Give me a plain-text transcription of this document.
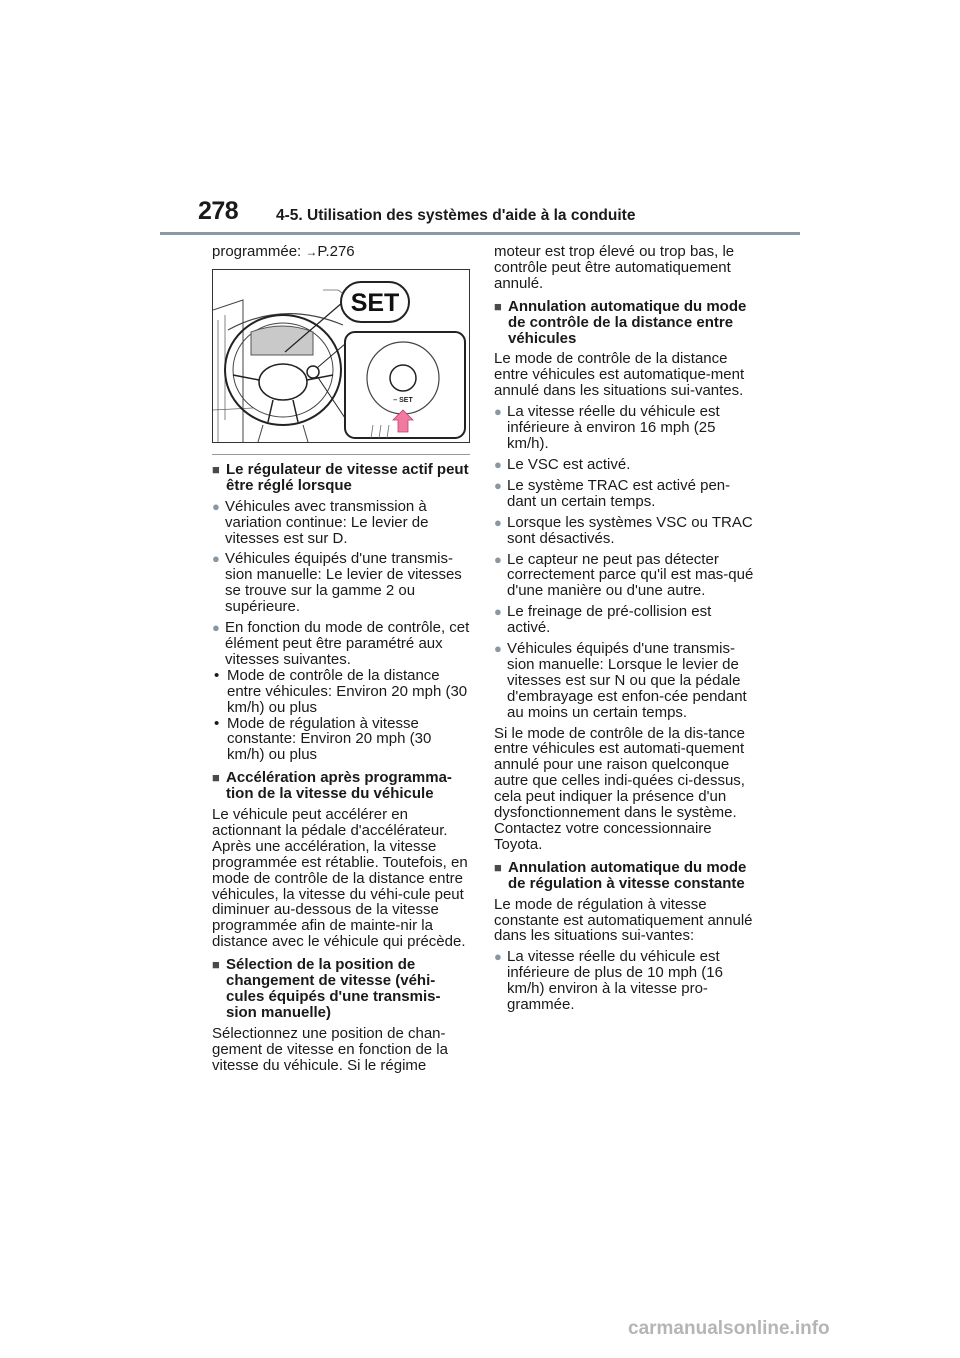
278 4-5. Utilisation des systèmes d'aide à la conduite

programmée: →P.276

SET
– SET
■ Le régulateur de vitesse actif peut être réglé lorsque
● Véhicules avec transmission à variation continue: Le levier de vitesses est sur D.
● Véhicules équipés d'une transmis-sion manuelle: Le levier de vitesses se trouve sur la gamme 2 ou supérieure.
● En fonction du mode de contrôle, cet élément peut être paramétré aux vitesses suivantes.
• Mode de contrôle de la distance entre véhicules: Environ 20 mph (30 km/h) ou plus
• Mode de régulation à vitesse constante: Environ 20 mph (30 km/h) ou plus
■ Accélération après programma-tion de la vitesse du véhicule

Le véhicule peut accélérer en actionnant la pédale d'accélérateur. Après une accélération, la vitesse programmée est rétablie. Toutefois, en mode de contrôle de la distance entre véhicules, la vitesse du véhi-cule peut diminuer au-dessous de la vitesse programmée afin de mainte-nir la distance avec le véhicule qui précède.

■ Sélection de la position de changement de vitesse (véhi-cules équipés d'une transmis-sion manuelle)

Sélectionnez une position de chan-gement de vitesse en fonction de la vitesse du véhicule. Si le régime

moteur est trop élevé ou trop bas, le contrôle peut être automatiquement annulé.

■ Annulation automatique du mode de contrôle de la distance entre véhicules

Le mode de contrôle de la distance entre véhicules est automatique-ment annulé dans les situations sui-vantes.

● La vitesse réelle du véhicule est inférieure à environ 16 mph (25 km/h).
● Le VSC est activé.
● Le système TRAC est activé pen-dant un certain temps.
● Lorsque les systèmes VSC ou TRAC sont désactivés.
● Le capteur ne peut pas détecter correctement parce qu'il est mas-qué d'une manière ou d'une autre.
● Le freinage de pré-collision est activé.
● Véhicules équipés d'une transmis-sion manuelle: Lorsque le levier de vitesses est sur N ou que la pédale d'embrayage est enfon-cée pendant au moins un certain temps.

Si le mode de contrôle de la dis-tance entre véhicules est automati-quement annulé pour une raison quelconque autre que celles indi-quées ci-dessus, cela peut indiquer la présence d'un dysfonctionnement dans le système. Contactez votre concessionnaire Toyota.

■ Annulation automatique du mode de régulation à vitesse constante

Le mode de régulation à vitesse constante est automatiquement annulé dans les situations sui-vantes:

● La vitesse réelle du véhicule est inférieure de plus de 10 mph (16 km/h) environ à la vitesse pro-grammée.
carmanualsonline.info
